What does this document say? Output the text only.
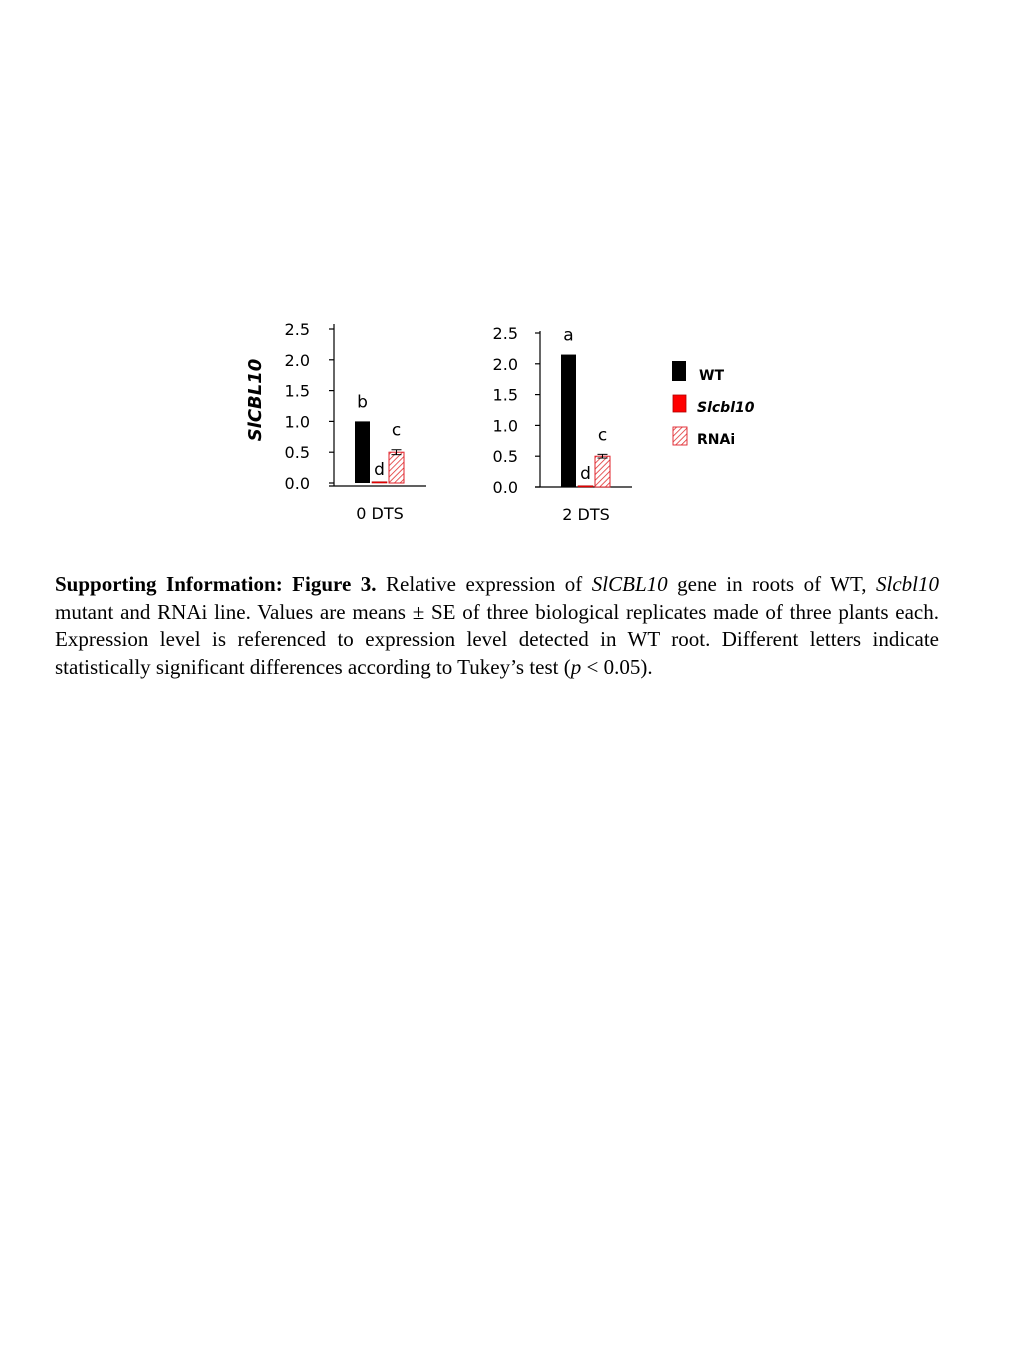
SlCBL10
0 DTS
0.0
0.5
1.0
1.5
2.0
2.5
b
d
c
2 DTS
0.0
0.5
1.0
1.5
2.0
2.5	a
d
c
WT
Slcbl10
RNAi

Supporting Information: Figure 3. Relative expression of SlCBL10 gene in roots of WT, Slcbl10 mutant and RNAi line. Values are means ± SE of three biological replicates made of three plants each. Expression level is referenced to expression level detected in WT root. Different letters indicate statistically significant differences according to Tukey’s test (p < 0.05).
